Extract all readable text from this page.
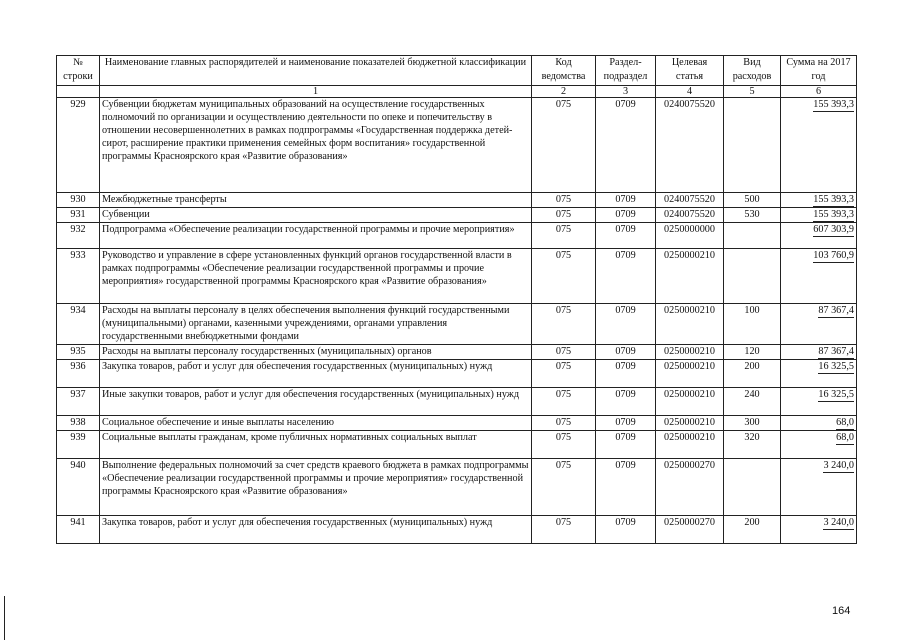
№ строки	Наименование главных распорядителей и наименование показателей бюджетной классификации	Код ведомства	Раздел-подраздел	Целевая статья	Вид расходов	Сумма на 2017 год
	1	2	3	4	5	6
929	Субвенции бюджетам муниципальных образований на осуществление государственных полномочий по организации и осуществлению деятельности по опеке и попечительству в отношении несовершеннолетних в рамках подпрограммы «Государственная поддержка детей-сирот, расширение практики применения семейных форм воспитания» государственной программы Красноярского края «Развитие образования»	075	0709	0240075520		155 393,3
930	Межбюджетные трансферты	075	0709	0240075520	500	155 393,3
931	Субвенции	075	0709	0240075520	530	155 393,3
932	Подпрограмма «Обеспечение реализации государственной программы и прочие мероприятия»	075	0709	0250000000		607 303,9
933	Руководство и управление в сфере установленных функций органов государственной власти в рамках подпрограммы «Обеспечение реализации государственной программы и прочие мероприятия» государственной программы Красноярского края «Развитие образования»	075	0709	0250000210		103 760,9
934	Расходы на выплаты персоналу в целях обеспечения выполнения функций государственными (муниципальными) органами, казенными учреждениями, органами управления государственными внебюджетными фондами	075	0709	0250000210	100	87 367,4
935	Расходы на выплаты персоналу государственных (муниципальных) органов	075	0709	0250000210	120	87 367,4
936	Закупка товаров, работ и услуг для обеспечения государственных (муниципальных) нужд	075	0709	0250000210	200	16 325,5
937	Иные закупки товаров, работ и услуг для обеспечения государственных (муниципальных) нужд	075	0709	0250000210	240	16 325,5
938	Социальное обеспечение и иные выплаты населению	075	0709	0250000210	300	68,0
939	Социальные выплаты гражданам, кроме публичных нормативных социальных выплат	075	0709	0250000210	320	68,0
940	Выполнение федеральных полномочий за счет средств краевого бюджета в рамках подпрограммы «Обеспечение реализации государственной программы и прочие мероприятия» государственной программы Красноярского края «Развитие образования»	075	0709	0250000270		3 240,0
941	Закупка товаров, работ и услуг для обеспечения государственных (муниципальных) нужд	075	0709	0250000270	200	3 240,0
164
